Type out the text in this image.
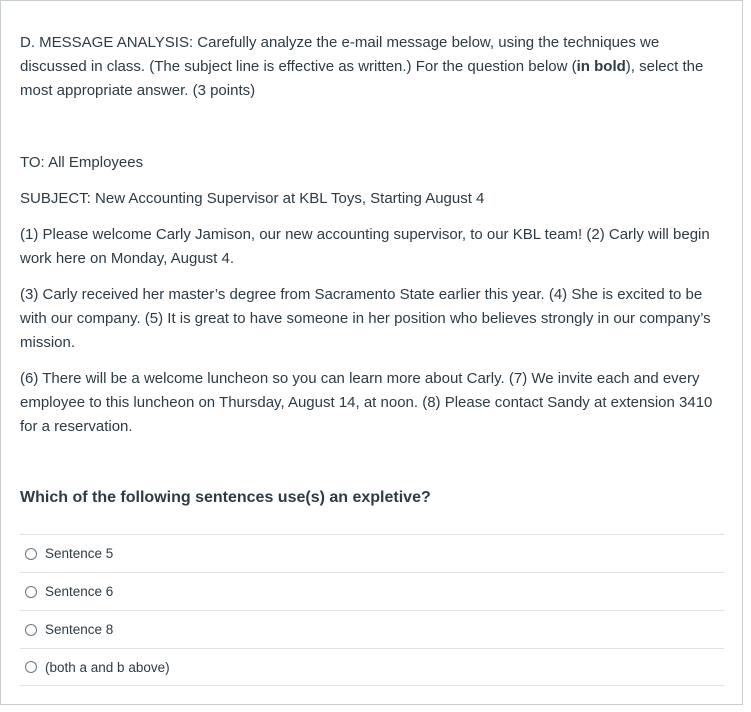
D. MESSAGE ANALYSIS: Carefully analyze the e-mail message below, using the techniques we discussed in class. (The subject line is effective as written.) For the question below (in bold), select the most appropriate answer. (3 points)

TO: All Employees

SUBJECT: New Accounting Supervisor at KBL Toys, Starting August 4

(1) Please welcome Carly Jamison, our new accounting supervisor, to our KBL team! (2) Carly will begin work here on Monday, August 4.

(3) Carly received her master’s degree from Sacramento State earlier this year. (4) She is excited to be with our company. (5) It is great to have someone in her position who believes strongly in our company’s mission.

(6) There will be a welcome luncheon so you can learn more about Carly. (7) We invite each and every employee to this luncheon on Thursday, August 14, at noon. (8) Please contact Sandy at extension 3410 for a reservation.

Which of the following sentences use(s) an expletive?

Sentence 5
Sentence 6
Sentence 8
(both a and b above)
